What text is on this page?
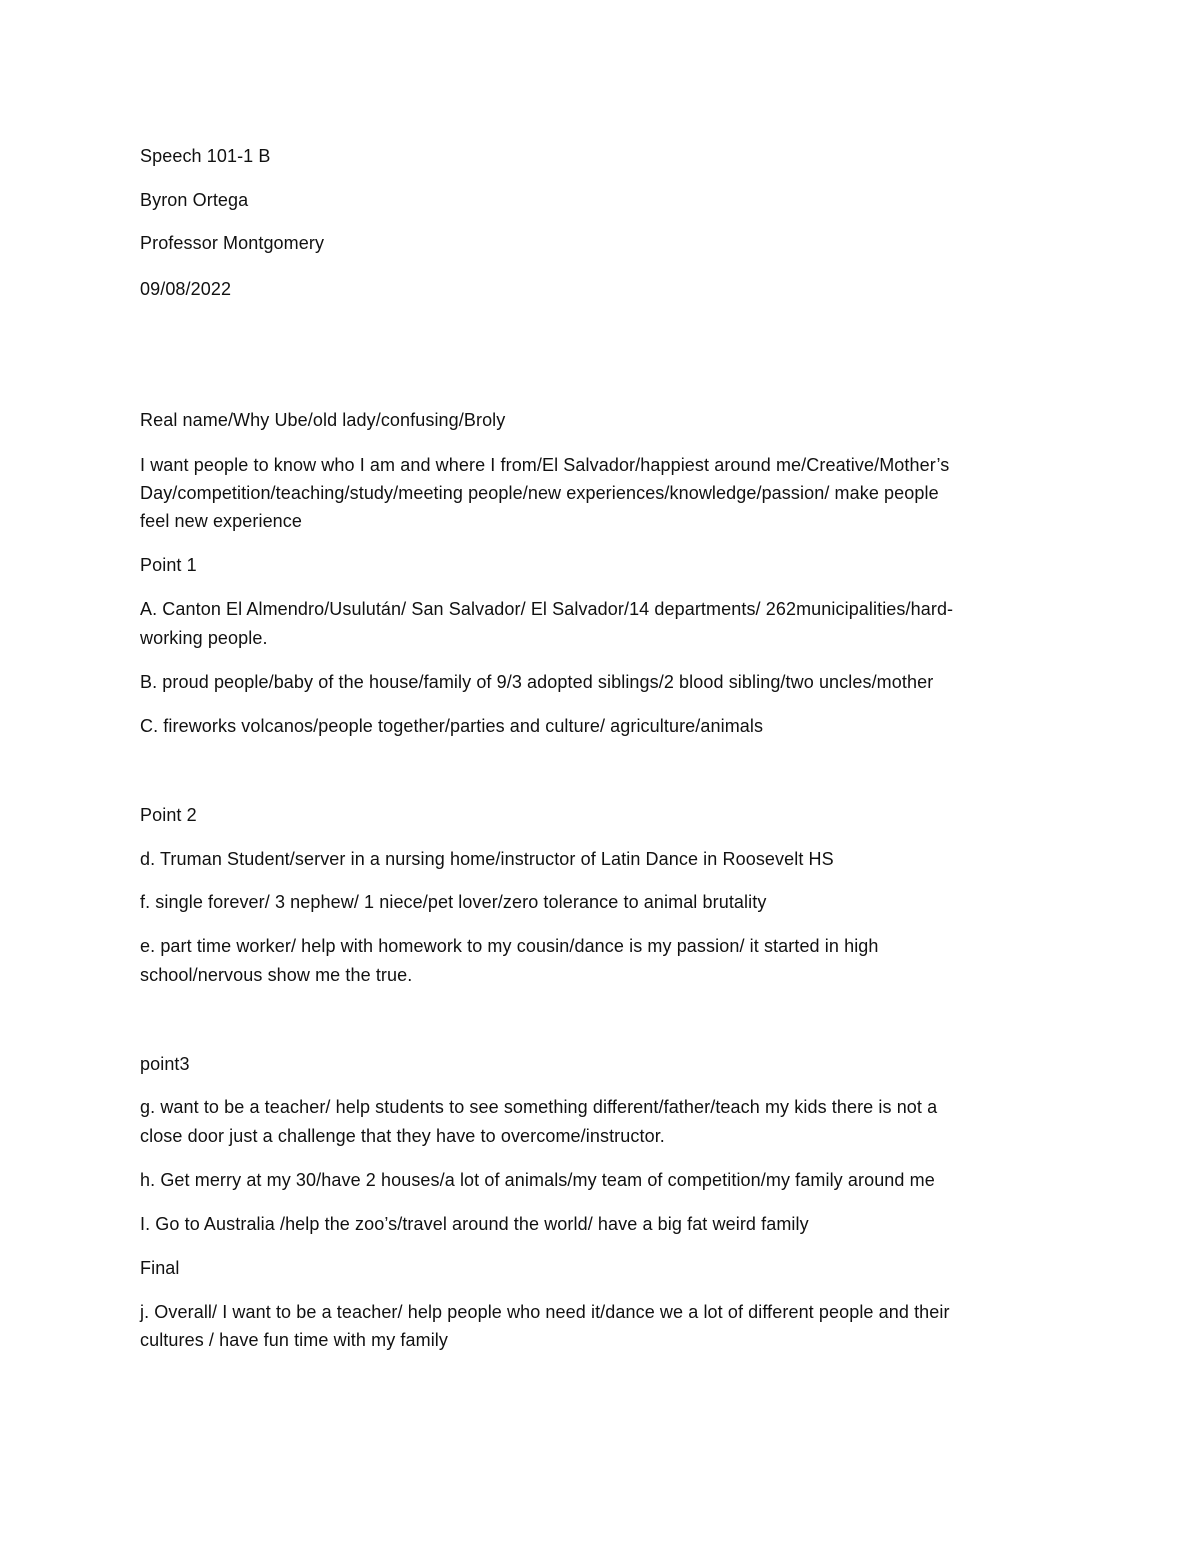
Speech 101-1 B
Byron Ortega
Professor Montgomery
09/08/2022
Real name/Why Ube/old lady/confusing/Broly
I want people to know who I am and where I from/El Salvador/happiest around me/Creative/Mother’s
Day/competition/teaching/study/meeting people/new experiences/knowledge/passion/ make people
feel new experience
Point 1
A. Canton El Almendro/Usulután/ San Salvador/ El Salvador/14 departments/ 262municipalities/hard-
working people.
B. proud people/baby of the house/family of 9/3 adopted siblings/2 blood sibling/two uncles/mother
C. fireworks volcanos/people together/parties and culture/ agriculture/animals
Point 2
d. Truman Student/server in a nursing home/instructor of Latin Dance in Roosevelt HS
f. single forever/ 3 nephew/ 1 niece/pet lover/zero tolerance to animal brutality
e. part time worker/ help with homework to my cousin/dance is my passion/ it started in high
school/nervous show me the true.
point3
g. want to be a teacher/ help students to see something different/father/teach my kids there is not a
close door just a challenge that they have to overcome/instructor.
h. Get merry at my 30/have 2 houses/a lot of animals/my team of competition/my family around me
I. Go to Australia /help the zoo’s/travel around the world/ have a big fat weird family
Final
j. Overall/ I want to be a teacher/ help people who need it/dance we a lot of different people and their
cultures / have fun time with my family
